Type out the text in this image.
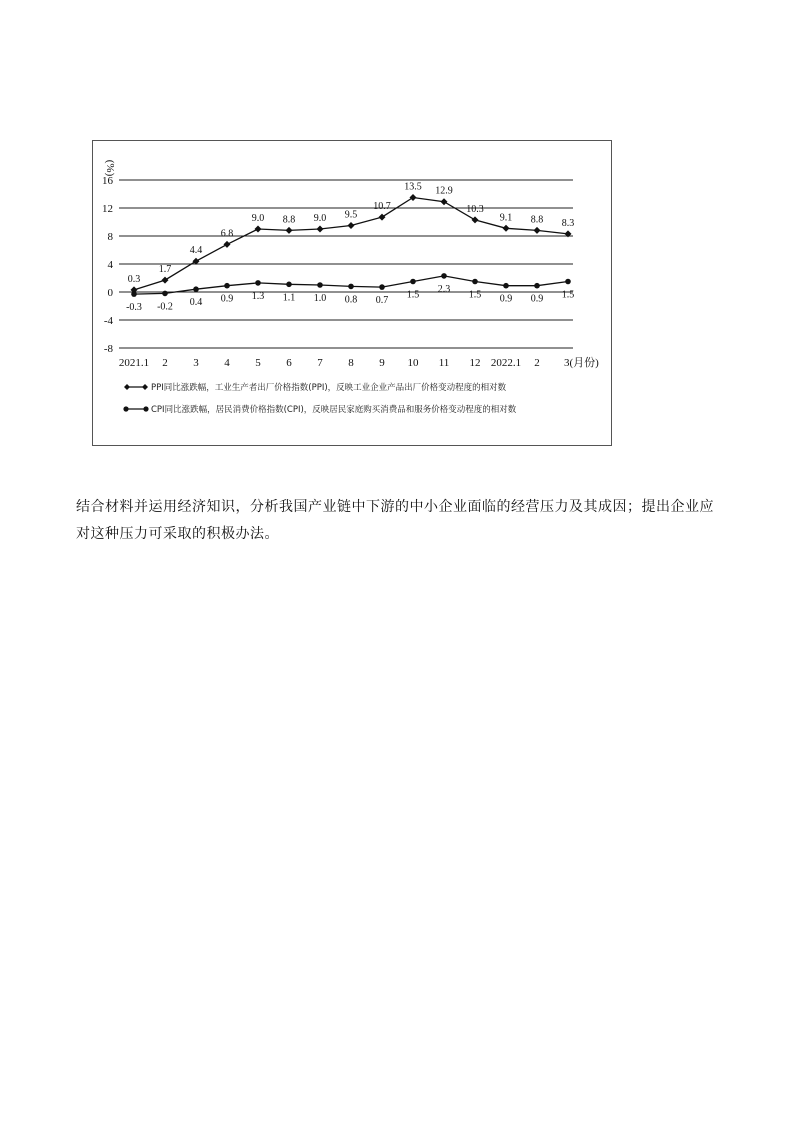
(%)
16
12
8
4
0
-4
-8
2021.1 2 3 4 5 6 7 8 9 10 11 12 2022.1 2 3(月份)
0.3
1.7
4.4
6.8
9.0 8.8 9.0 9.5
10.7
13.5 12.9
10.3
9.1 8.8 8.3
-0.3 -0.2 0.4 0.9 1.3 1.1 1.0 0.8 0.7
1.5
2.3
1.5 0.9 0.9 1.5
PPI同比涨跌幅，工业生产者出厂价格指数(PPI)，反映工业企业产品出厂价格变动程度的相对数
CPI同比涨跌幅，居民消费价格指数(CPI)，反映居民家庭购买消费品和服务价格变动程度的相对数

结合材料并运用经济知识，分析我国产业链中下游的中小企业面临的经营压力及其成因；提出企业应对这种压力可采取的积极办法。
